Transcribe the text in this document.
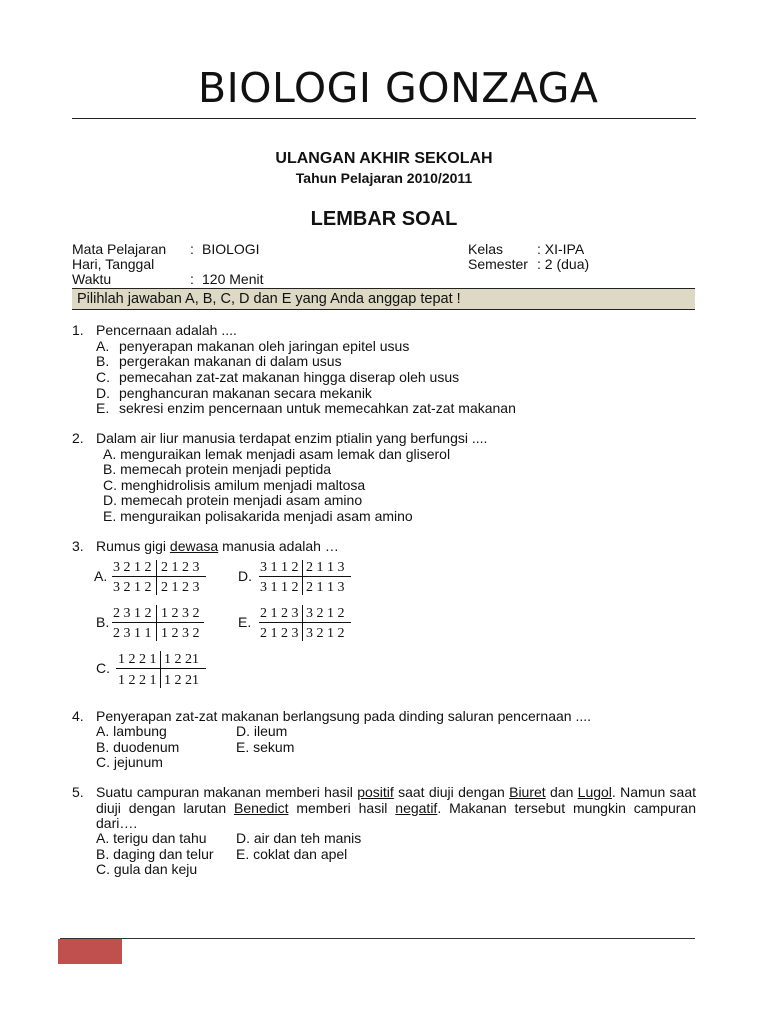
BIOLOGI GONZAGA
ULANGAN AKHIR SEKOLAH
Tahun Pelajaran 2010/2011
LEMBAR SOAL
Mata Pelajaran : BIOLOGI
Hari, Tanggal
Waktu	: 120 Menit
Kelas : XI-IPA
Semester : 2 (dua)
Pilihlah jawaban A, B, C, D dan E yang Anda anggap tepat !
1. Pencernaan adalah ....
A. penyerapan makanan oleh jaringan epitel usus
B. pergerakan makanan di dalam usus
C. pemecahan zat-zat makanan hingga diserap oleh usus
D. penghancuran makanan secara mekanik
E. sekresi enzim pencernaan untuk memecahkan zat-zat makanan
2. Dalam air liur manusia terdapat enzim ptialin yang berfungsi ....
A. menguraikan lemak menjadi asam lemak dan gliserol
B. memecah protein menjadi peptida
C. menghidrolisis amilum menjadi maltosa
D. memecah protein menjadi asam amino
E. menguraikan polisakarida menjadi asam amino
3. Rumus gigi dewasa manusia adalah …
A.
3 2 1 2 2 1 2 3
3 2 1 2 2 1 2 3
D.
3 1 1 2 2 1 1 3
3 1 1 2 2 1 1 3
B.
2 3 1 2 1 2 3 2
2 3 1 1 1 2 3 2
E.
2 1 2 3 3 2 1 2
2 1 2 3 3 2 1 2
C.
1 2 2 1 1 2 21
1 2 2 1 1 2 21
4. Penyerapan zat-zat makanan berlangsung pada dinding saluran pencernaan ....
A. lambung
B. duodenum
C. jejunum
D. ileum
E. sekum
5. Suatu campuran makanan memberi hasil positif saat diuji dengan Biuret dan Lugol. Namun saat diuji dengan larutan Benedict memberi hasil negatif. Makanan tersebut mungkin campuran dari….
A. terigu dan tahu
B. daging dan telur
C. gula dan keju
D. air dan teh manis
E. coklat dan apel
